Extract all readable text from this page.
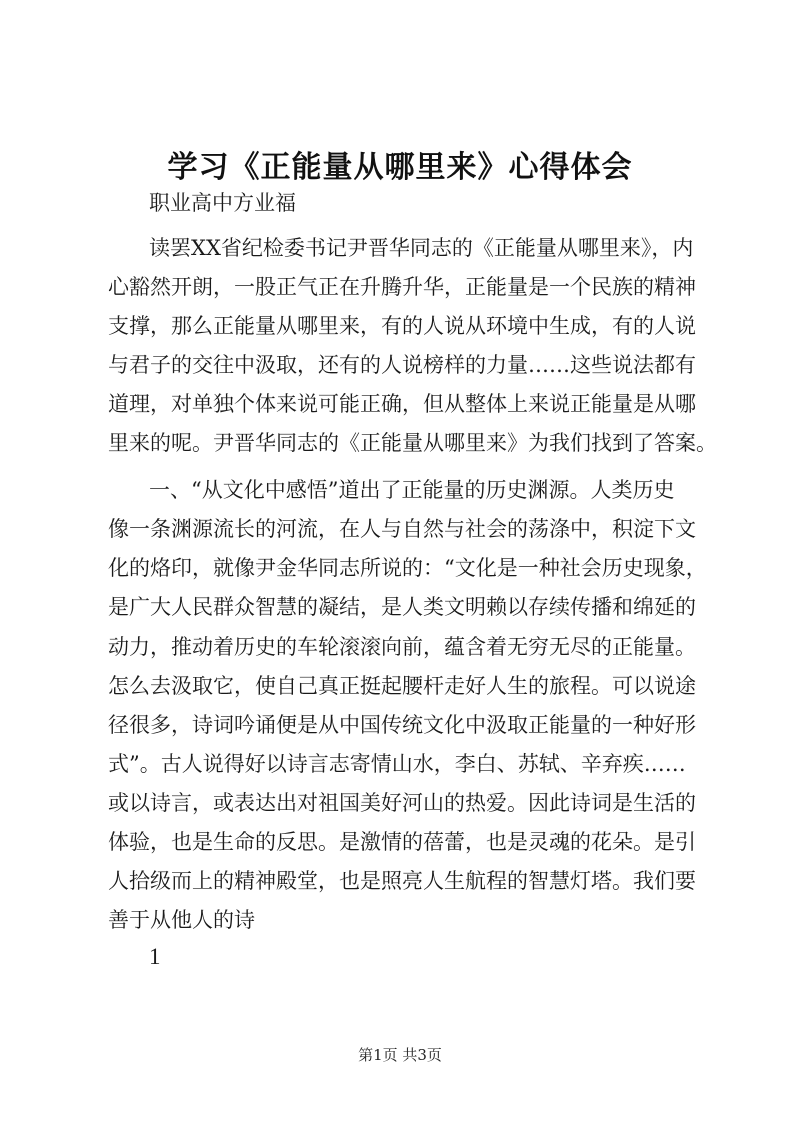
学习《正能量从哪里来》心得体会
职业高中方业福
读罢XX省纪检委书记尹晋华同志的《正能量从哪里来》，内
心豁然开朗，一股正气正在升腾升华，正能量是一个民族的精神
支撑，那么正能量从哪里来，有的人说从环境中生成，有的人说
与君子的交往中汲取，还有的人说榜样的力量……这些说法都有
道理，对单独个体来说可能正确，但从整体上来说正能量是从哪
里来的呢。尹晋华同志的《正能量从哪里来》为我们找到了答案。
一、“从文化中感悟”道出了正能量的历史渊源。人类历史
像一条渊源流长的河流，在人与自然与社会的荡涤中，积淀下文
化的烙印，就像尹金华同志所说的：“文化是一种社会历史现象，
是广大人民群众智慧的凝结，是人类文明赖以存续传播和绵延的
动力，推动着历史的车轮滚滚向前，蕴含着无穷无尽的正能量。
怎么去汲取它，使自己真正挺起腰杆走好人生的旅程。可以说途
径很多，诗词吟诵便是从中国传统文化中汲取正能量的一种好形
式”。古人说得好以诗言志寄情山水，李白、苏轼、辛弃疾……
或以诗言，或表达出对祖国美好河山的热爱。因此诗词是生活的
体验，也是生命的反思。是激情的蓓蕾，也是灵魂的花朵。是引
人拾级而上的精神殿堂，也是照亮人生航程的智慧灯塔。我们要
善于从他人的诗
1
第1页 共3页
